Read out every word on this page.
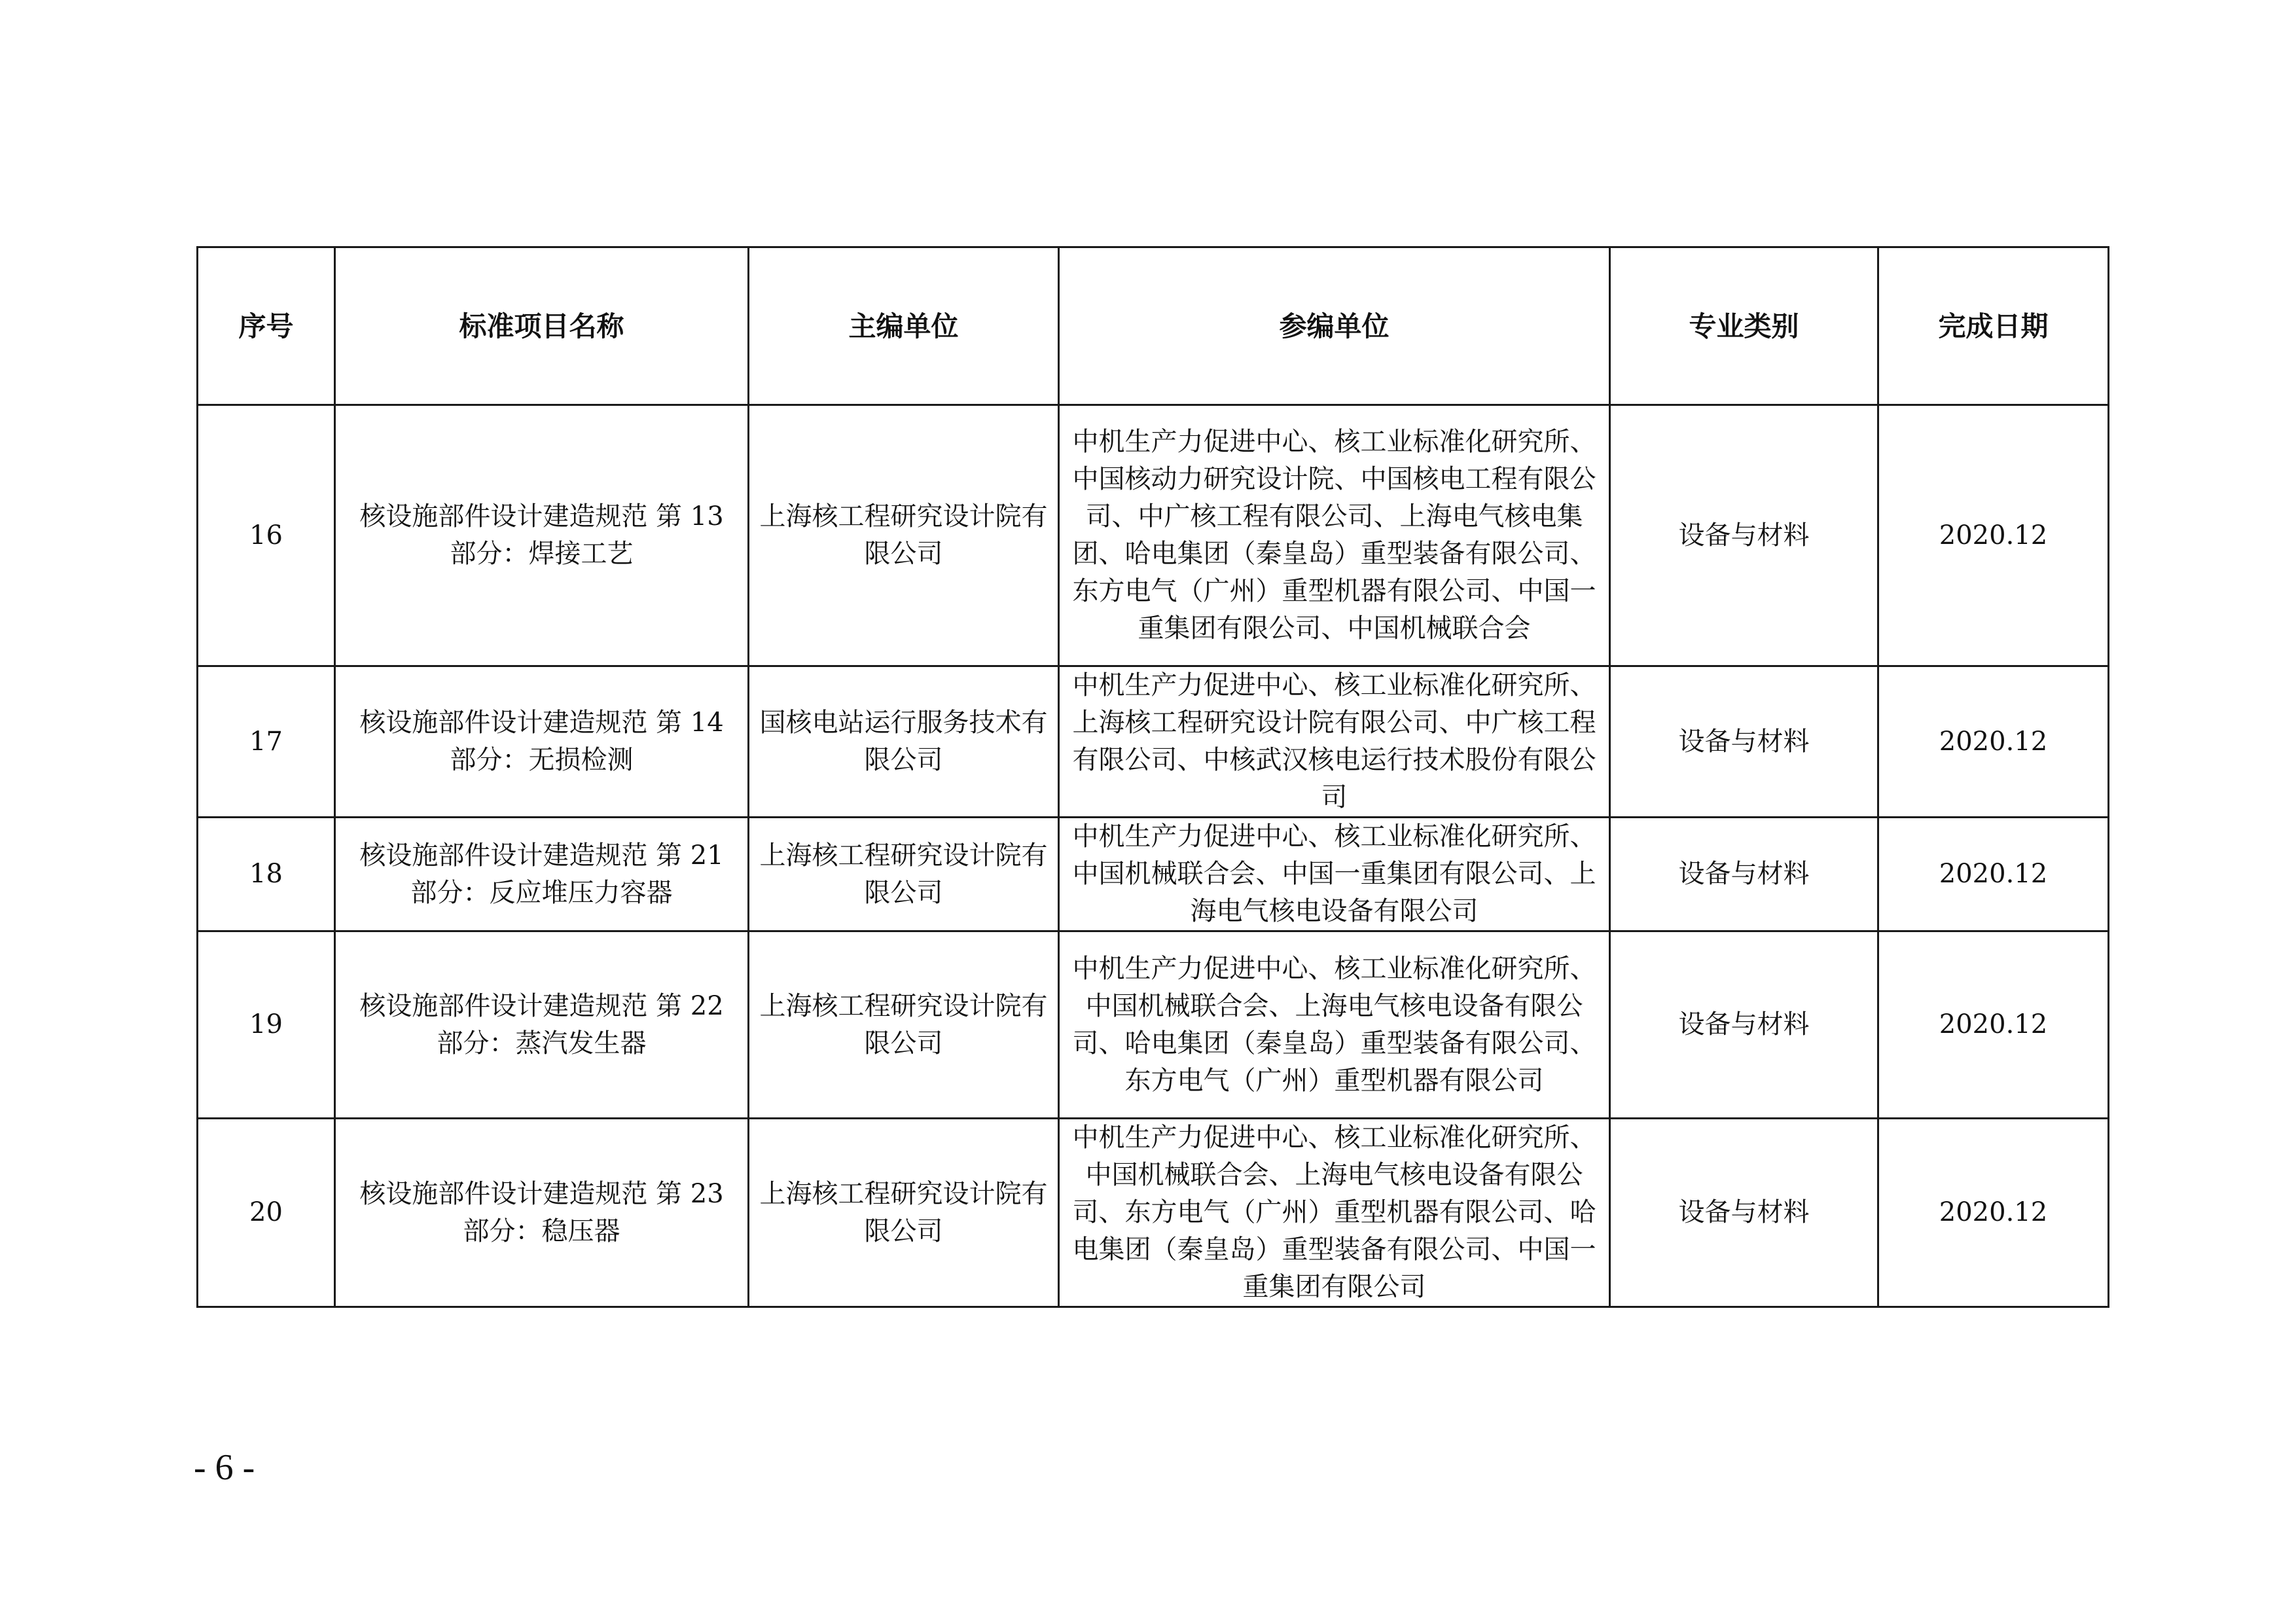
序号	标准项目名称	主编单位	参编单位	专业类别	完成日期
16	核设施部件设计建造规范 第 13 部分：焊接工艺	上海核工程研究设计院有限公司	中机生产力促进中心、核工业标准化研究所、中国核动力研究设计院、中国核电工程有限公司、中广核工程有限公司、上海电气核电集团、哈电集团（秦皇岛）重型装备有限公司、东方电气（广州）重型机器有限公司、中国一重集团有限公司、中国机械联合会	设备与材料	2020.12
17	核设施部件设计建造规范 第 14 部分：无损检测	国核电站运行服务技术有限公司	中机生产力促进中心、核工业标准化研究所、上海核工程研究设计院有限公司、中广核工程有限公司、中核武汉核电运行技术股份有限公司	设备与材料	2020.12
18	核设施部件设计建造规范 第 21 部分：反应堆压力容器	上海核工程研究设计院有限公司	中机生产力促进中心、核工业标准化研究所、中国机械联合会、中国一重集团有限公司、上海电气核电设备有限公司	设备与材料	2020.12
19	核设施部件设计建造规范 第 22 部分：蒸汽发生器	上海核工程研究设计院有限公司	中机生产力促进中心、核工业标准化研究所、中国机械联合会、上海电气核电设备有限公司、哈电集团（秦皇岛）重型装备有限公司、东方电气（广州）重型机器有限公司	设备与材料	2020.12
20	核设施部件设计建造规范 第 23 部分：稳压器	上海核工程研究设计院有限公司	中机生产力促进中心、核工业标准化研究所、中国机械联合会、上海电气核电设备有限公司、东方电气（广州）重型机器有限公司、哈电集团（秦皇岛）重型装备有限公司、中国一重集团有限公司	设备与材料	2020.12
- 6 -
